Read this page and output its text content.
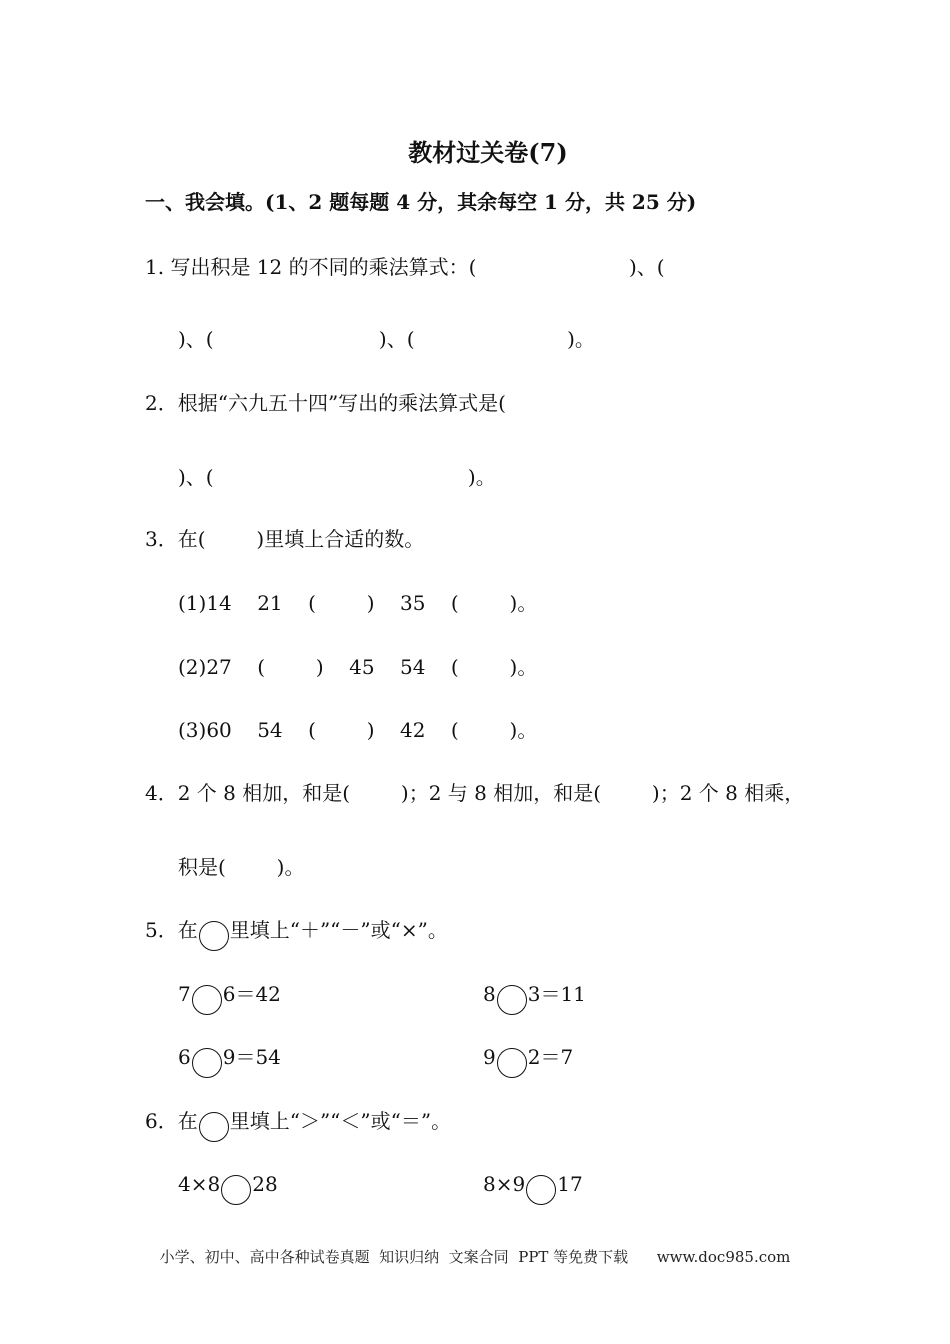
教材过关卷(7)
一、我会填。(1、2 题每题 4 分，其余每空 1 分，共 25 分)
1. 写出积是 12 的不同的乘法算式：(                        )、(
)、(                          )、(                        )。
2．根据“六九五十四”写出的乘法算式是(
)、(                                        )。
3．在(        )里填上合适的数。
(1)14    21    (        )    35    (        )。
(2)27    (        )    45    54    (        )。
(3)60    54    (        )    42    (        )。
4．2 个 8 相加，和是(        )；2 与 8 相加，和是(        )；2 个 8 相乘，
积是(        )。
5．在 里填上“＋”“－”或“×”。
7 6＝42	8 3＝11
6 9＝54	9 2＝7
6．在 里填上“＞”“＜”或“＝”。
4×8 28	8×9 17
小学、初中、高中各种试卷真题  知识归纳  文案合同  PPT 等免费下载      www.doc985.com
